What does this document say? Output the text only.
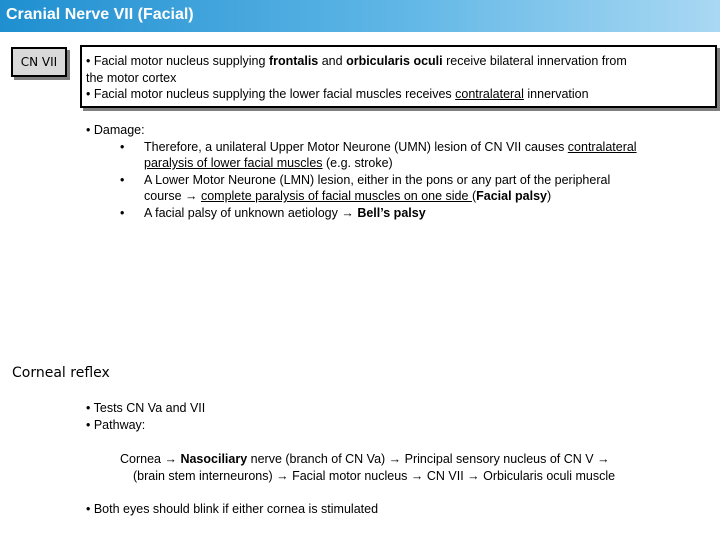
Cranial Nerve VII (Facial)
CN VII • Facial motor nucleus supplying frontalis and orbicularis oculi receive bilateral innervation from
the motor cortex
• Facial motor nucleus supplying the lower facial muscles receives contralateral innervation
• Damage:
• Therefore, a unilateral Upper Motor Neurone (UMN) lesion of CN VII causes contralateral
paralysis of lower facial muscles (e.g. stroke)
• A Lower Motor Neurone (LMN) lesion, either in the pons or any part of the peripheral
course → complete paralysis of facial muscles on one side (Facial palsy)
• A facial palsy of unknown aetiology → Bell’s palsy
Corneal reflex
• Tests CN Va and VII
• Pathway:
Cornea → Nasociliary nerve (branch of CN Va) → Principal sensory nucleus of CN V →
(brain stem interneurons) → Facial motor nucleus → CN VII → Orbicularis oculi muscle
• Both eyes should blink if either cornea is stimulated
